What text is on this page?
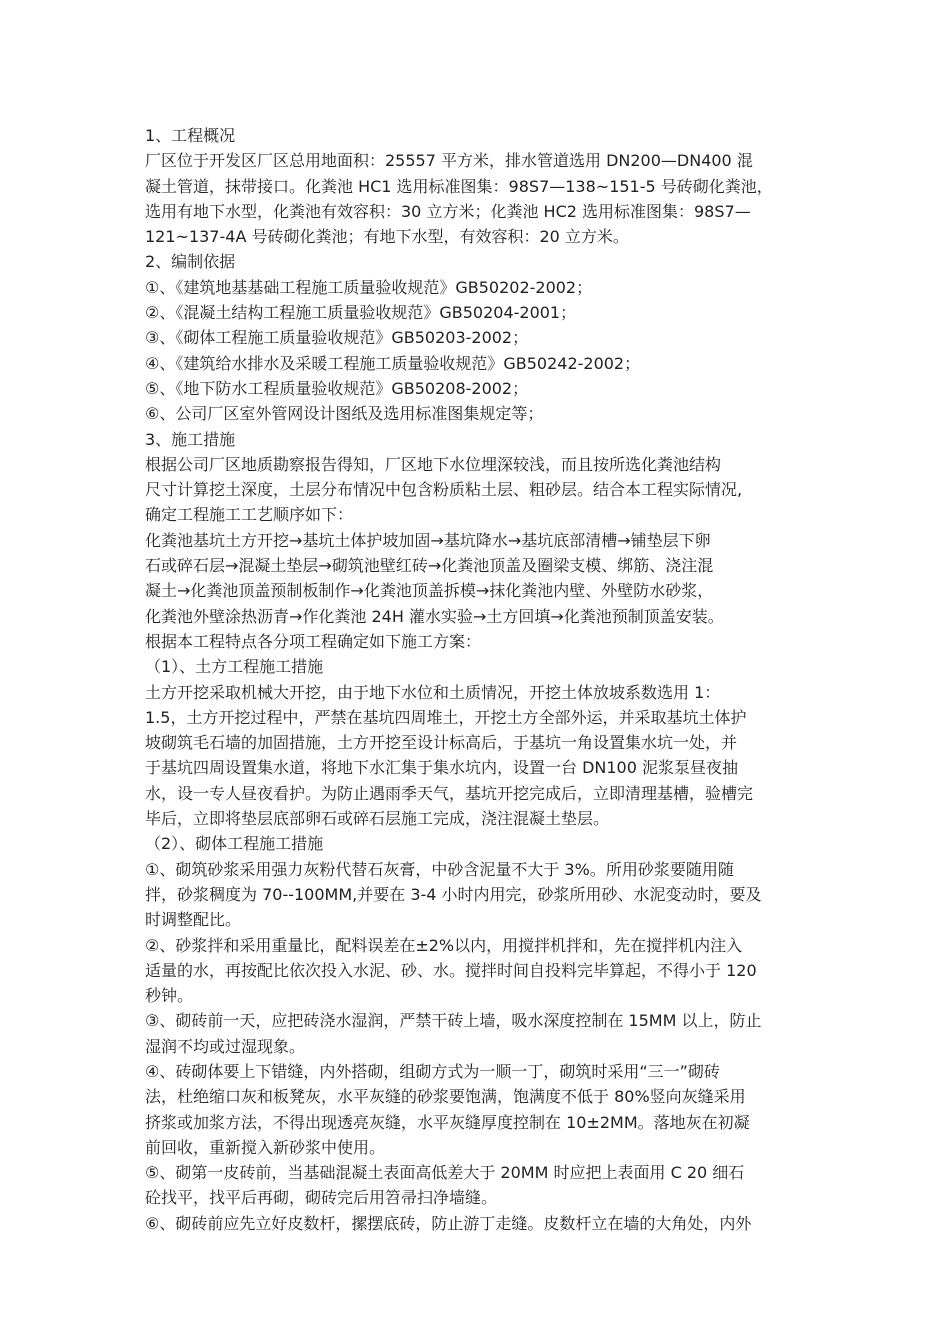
1、工程概况
厂区位于开发区厂区总用地面积：25557 平方米，排水管道选用 DN200—DN400 混
凝土管道，抹带接口。化粪池 HC1 选用标准图集：98S7—138~151-5 号砖砌化粪池，
选用有地下水型，化粪池有效容积：30 立方米；化粪池 HC2 选用标准图集：98S7—
121~137-4A 号砖砌化粪池；有地下水型，有效容积：20 立方米。
2、编制依据
①、《建筑地基基础工程施工质量验收规范》GB50202-2002；
②、《混凝土结构工程施工质量验收规范》GB50204-2001；
③、《砌体工程施工质量验收规范》GB50203-2002；
④、《建筑给水排水及采暖工程施工质量验收规范》GB50242-2002；
⑤、《地下防水工程质量验收规范》GB50208-2002；
⑥、公司厂区室外管网设计图纸及选用标准图集规定等；
3、施工措施
根据公司厂区地质勘察报告得知，厂区地下水位埋深较浅，而且按所选化粪池结构
尺寸计算挖土深度，土层分布情况中包含粉质粘土层、粗砂层。结合本工程实际情况,
确定工程施工工艺顺序如下：
化粪池基坑土方开挖→基坑土体护坡加固→基坑降水→基坑底部清槽→铺垫层下卵
石或碎石层→混凝土垫层→砌筑池壁红砖→化粪池顶盖及圈梁支模、绑筋、浇注混
凝土→化粪池顶盖预制板制作→化粪池顶盖拆模→抹化粪池内壁、外壁防水砂浆，
化粪池外壁涂热沥青→作化粪池 24H 灌水实验→土方回填→化粪池预制顶盖安装。
根据本工程特点各分项工程确定如下施工方案：
（1）、土方工程施工措施
土方开挖采取机械大开挖，由于地下水位和土质情况，开挖土体放坡系数选用 1：
1.5，土方开挖过程中，严禁在基坑四周堆土，开挖土方全部外运，并采取基坑土体护
坡砌筑毛石墙的加固措施，土方开挖至设计标高后，于基坑一角设置集水坑一处，并
于基坑四周设置集水道，将地下水汇集于集水坑内，设置一台 DN100 泥浆泵昼夜抽
水，设一专人昼夜看护。为防止遇雨季天气，基坑开挖完成后，立即清理基槽，验槽完
毕后，立即将垫层底部卵石或碎石层施工完成，浇注混凝土垫层。
（2）、砌体工程施工措施
①、砌筑砂浆采用强力灰粉代替石灰膏，中砂含泥量不大于 3%。所用砂浆要随用随
拌，砂浆稠度为 70--100MM,并要在 3-4 小时内用完，砂浆所用砂、水泥变动时，要及
时调整配比。
②、砂浆拌和采用重量比，配料误差在±2%以内，用搅拌机拌和，先在搅拌机内注入
适量的水，再按配比依次投入水泥、砂、水。搅拌时间自投料完毕算起，不得小于 120
秒钟。
③、砌砖前一天，应把砖浇水湿润，严禁干砖上墙，吸水深度控制在 15MM 以上，防止
湿润不均或过湿现象。
④、砖砌体要上下错缝，内外搭砌，组砌方式为一顺一丁，砌筑时采用“三一”砌砖
法，杜绝缩口灰和板凳灰，水平灰缝的砂浆要饱满，饱满度不低于 80%竖向灰缝采用
挤浆或加浆方法，不得出现透亮灰缝，水平灰缝厚度控制在 10±2MM。落地灰在初凝
前回收，重新搅入新砂浆中使用。
⑤、砌第一皮砖前，当基础混凝土表面高低差大于 20MM 时应把上表面用 C 20 细石
砼找平，找平后再砌，砌砖完后用笤帚扫净墙缝。
⑥、砌砖前应先立好皮数杆，摞摆底砖，防止游丁走缝。皮数杆立在墙的大角处，内外
